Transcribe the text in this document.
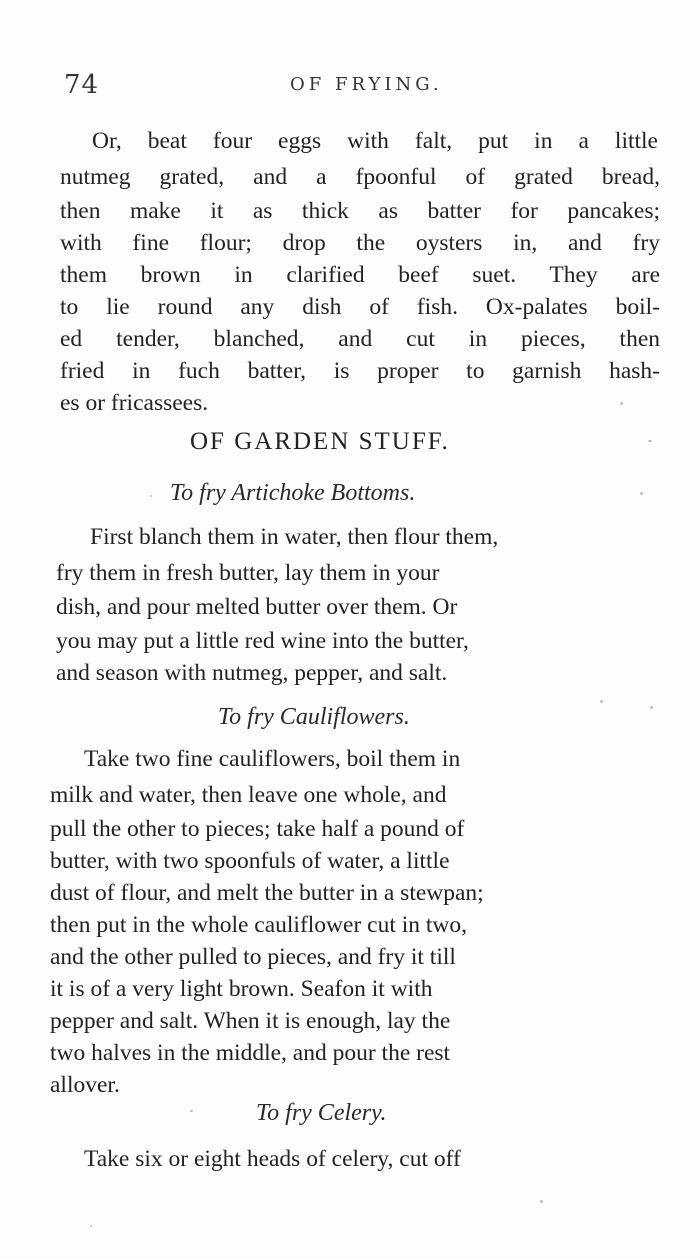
74	OF FRYING.
Or, beat four eggs with falt, put in a little
nutmeg grated, and a fpoonful of grated bread,
then make it as thick as batter for pancakes;
with fine flour; drop the oysters in, and fry
them brown in clarified beef suet. They are
to lie round any dish of fish. Ox-palates boil-
ed tender, blanched, and cut in pieces, then
fried in fuch batter, is proper to garnish hash-
es or fricassees.
OF GARDEN STUFF.
To fry Artichoke Bottoms.
First blanch them in water, then flour them,
fry them in fresh butter, lay them in your
dish, and pour melted butter over them. Or
you may put a little red wine into the butter,
and season with nutmeg, pepper, and salt.
To fry Cauliflowers.
Take two fine cauliflowers, boil them in
milk and water, then leave one whole, and
pull the other to pieces; take half a pound of
butter, with two spoonfuls of water, a little
dust of flour, and melt the butter in a stewpan;
then put in the whole cauliflower cut in two,
and the other pulled to pieces, and fry it till
it is of a very light brown. Seafon it with
pepper and salt. When it is enough, lay the
two halves in the middle, and pour the rest
allover.
To fry Celery.
Take six or eight heads of celery, cut off
